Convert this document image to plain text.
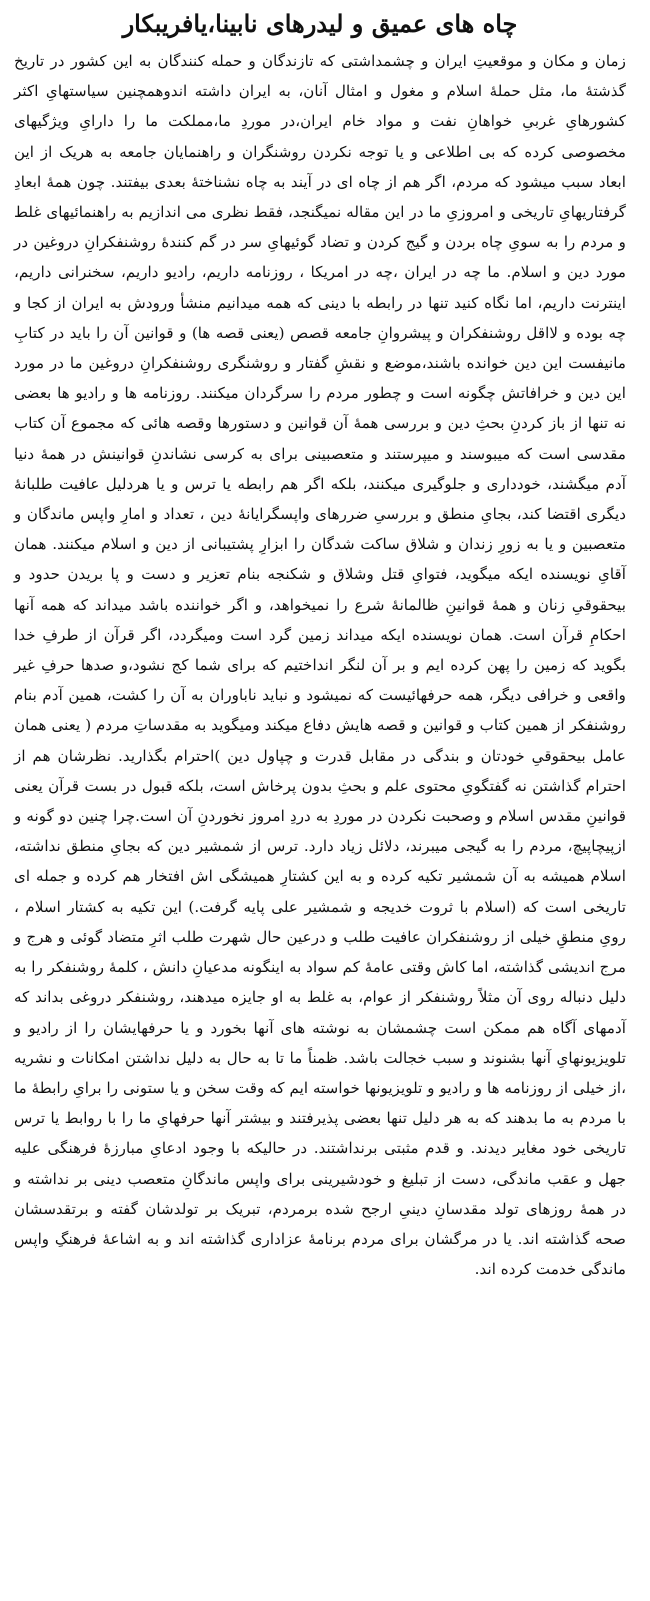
چاه های عمیق و لیدرهای نابینا،یافریبکار

زمان و مکان و موقعیتِ ایران و چشمداشتی که تازندگان و حمله کنندگان به این کشور در تاریخ گذشتهٔ ما، مثل حملهٔ اسلام و مغول و امثال آنان، به ایران داشته اندوهمچنین سیاستهایِ اکثر کشورهایِ غربیِ خواهانِ نفت و مواد خام ایران،در موردِ ما،مملکت ما را دارایِ ویژگیهای مخصوصی کرده که بی اطلاعی و یا توجه نکردن روشنگران و راهنمایان جامعه به هریک از این ابعاد سبب میشود که مردم، اگر هم از چاه ای در آیند به چاه نشناختهٔ بعدی بیفتند. چون همهٔ ابعادِ گرفتاریهایِ تاریخی و امروزیِ ما در این مقاله نمیگنجد، فقط نظری می اندازیم به راهنمائیهای غلط و مردم را به سویِ چاه بردن و گیج کردن و تضاد گوئیهایِ سر در گم کنندهٔ روشنفکرانِ دروغین در مورد دین و اسلام. ما چه در ایران ،چه در امریکا ، روزنامه داریم، رادیو داریم، سخنرانی داریم، اینترنت داریم، اما نگاه کنید تنها در رابطه با دینی که همه میدانیم منشأ ورودش به ایران از کجا و چه بوده و لااقل روشنفکران و پیشروانِ جامعه قصص (یعنی قصه ها) و قوانین آن را باید در کتابِ مانیفست این دین خوانده باشند،موضع و نقشِ گفتار و روشنگری روشنفکرانِ دروغین ما در مورد این دین و خرافاتش چگونه است و چطور مردم را سرگردان میکنند. روزنامه ها و رادیو ها بعضی نه تنها از باز کردنِ بحثِ دین و بررسی همهٔ آن قوانین و دستورها وقصه هائی که مجموع آن کتاب مقدسی است که میبوسند و میپرستند و متعصبینی برای به کرسی نشاندنِ قوانینش در همهٔ دنیا آدم میگشند، خودداری و جلوگیری میکنند، بلکه اگر هم رابطه یا ترس و یا هردلیل عافیت طلبانهٔ دیگری اقتضا کند، بجایِ منطق و بررسیِ ضررهای واپسگرایانهٔ دین ، تعداد و امارِ واپس ماندگان و متعصبین و یا به زورِ زندان و شلاق ساکت شدگان را ابزارِ پشتیبانی از دین و اسلام میکنند. همان آقایِ نویسنده ایکه میگوید، فتوایِ قتل وشلاق و شکنجه بنام تعزیر و دست و پا بریدن حدود و بیحقوقیِ زنان و همهٔ قوانینِ ظالمانهٔ شرع را نمیخواهد، و اگر خواننده باشد میداند که همه آنها احکامِ قرآن است. همان نویسنده ایکه میداند زمین گرد است ومیگردد، اگر قرآن از طرفِ خدا بگوید که زمین را پهن کرده ایم و بر آن لنگر انداختیم که برای شما کج نشود،و صدها حرفِ غیر واقعی و خرافی دیگر، همه حرفهائیست که نمیشود و نباید ناباوران به آن را کشت، همین آدم بنام روشنفکر از همین کتاب و قوانین و قصه هایش دفاع میکند ومیگوید به مقدساتِ مردم ( یعنی همان عامل بیحقوقیِ خودتان و بندگی در مقابل قدرت و چپاول دین )احترام بگذارید. نظرشان هم از احترام گذاشتن نه گفتگویِ محتوی علم و بحثِ بدون پرخاش است، بلکه قبول در بست قرآن یعنی قوانینِ مقدس اسلام و وصحبت نکردن در موردِ به دردِ امروز نخوردنِ آن است.چرا چنین دو گونه و ازپیچاپیچ، مردم را به گیجی میبرند، دلائل زیاد دارد. ترس از شمشیر دین که بجایِ منطق نداشته، اسلام همیشه به آن شمشیر تکیه کرده و به این کشتارِ همیشگی اش افتخار هم کرده و جمله ای تاریخی است که (اسلام با ثروت خدیجه و شمشیر علی پایه گرفت.) این تکیه به کشتار اسلام ، رویِ منطقِ خیلی از روشنفکران عافیت طلب و درعین حال شهرت طلب اثرِ متضاد گوئی و هرج و مرج اندیشی گذاشته، اما کاش وقتی عامهٔ کم سواد به اینگونه مدعیانِ دانش ، کلمهٔ روشنفکر را به دلیل دنباله روی آن مثلاً روشنفکر از عوام، به غلط به او جایزه میدهند، روشنفکر دروغی بداند که آدمهای آگاه هم ممکن است چشمشان به نوشته های آنها بخورد و یا حرفهایشان را از رادیو و تلویزیونهایِ آنها بشنوند و سبب خجالت باشد. ظمناً ما تا به حال به دلیل نداشتن امکانات و نشریه ،از خیلی از روزنامه ها و رادیو و تلویزیونها خواسته ایم که وقت سخن و یا ستونی را برایِ رابطهٔ ما با مردم به ما بدهند که به هر دلیل تنها بعضی پذیرفتند و بیشتر آنها حرفهایِ ما را با روابط یا ترس تاریخی خود مغایر دیدند. و قدم مثبتی برنداشتند. در حالیکه با وجود ادعایِ مبارزهٔ فرهنگی علیه جهل و عقب ماندگی، دست از تبلیغ و خودشیرینی برای واپس ماندگانِ متعصب دینی بر نداشته و در همهٔ روزهای تولد مقدسانِ دینیِ ارجح شده برمردم، تبریک بر تولدشان گفته و برتقدسشان صحه گذاشته اند. یا در مرگشان برای مردم برنامهٔ عزاداری گذاشته اند و به اشاعهٔ فرهنگِ واپس ماندگی خدمت کرده اند.
